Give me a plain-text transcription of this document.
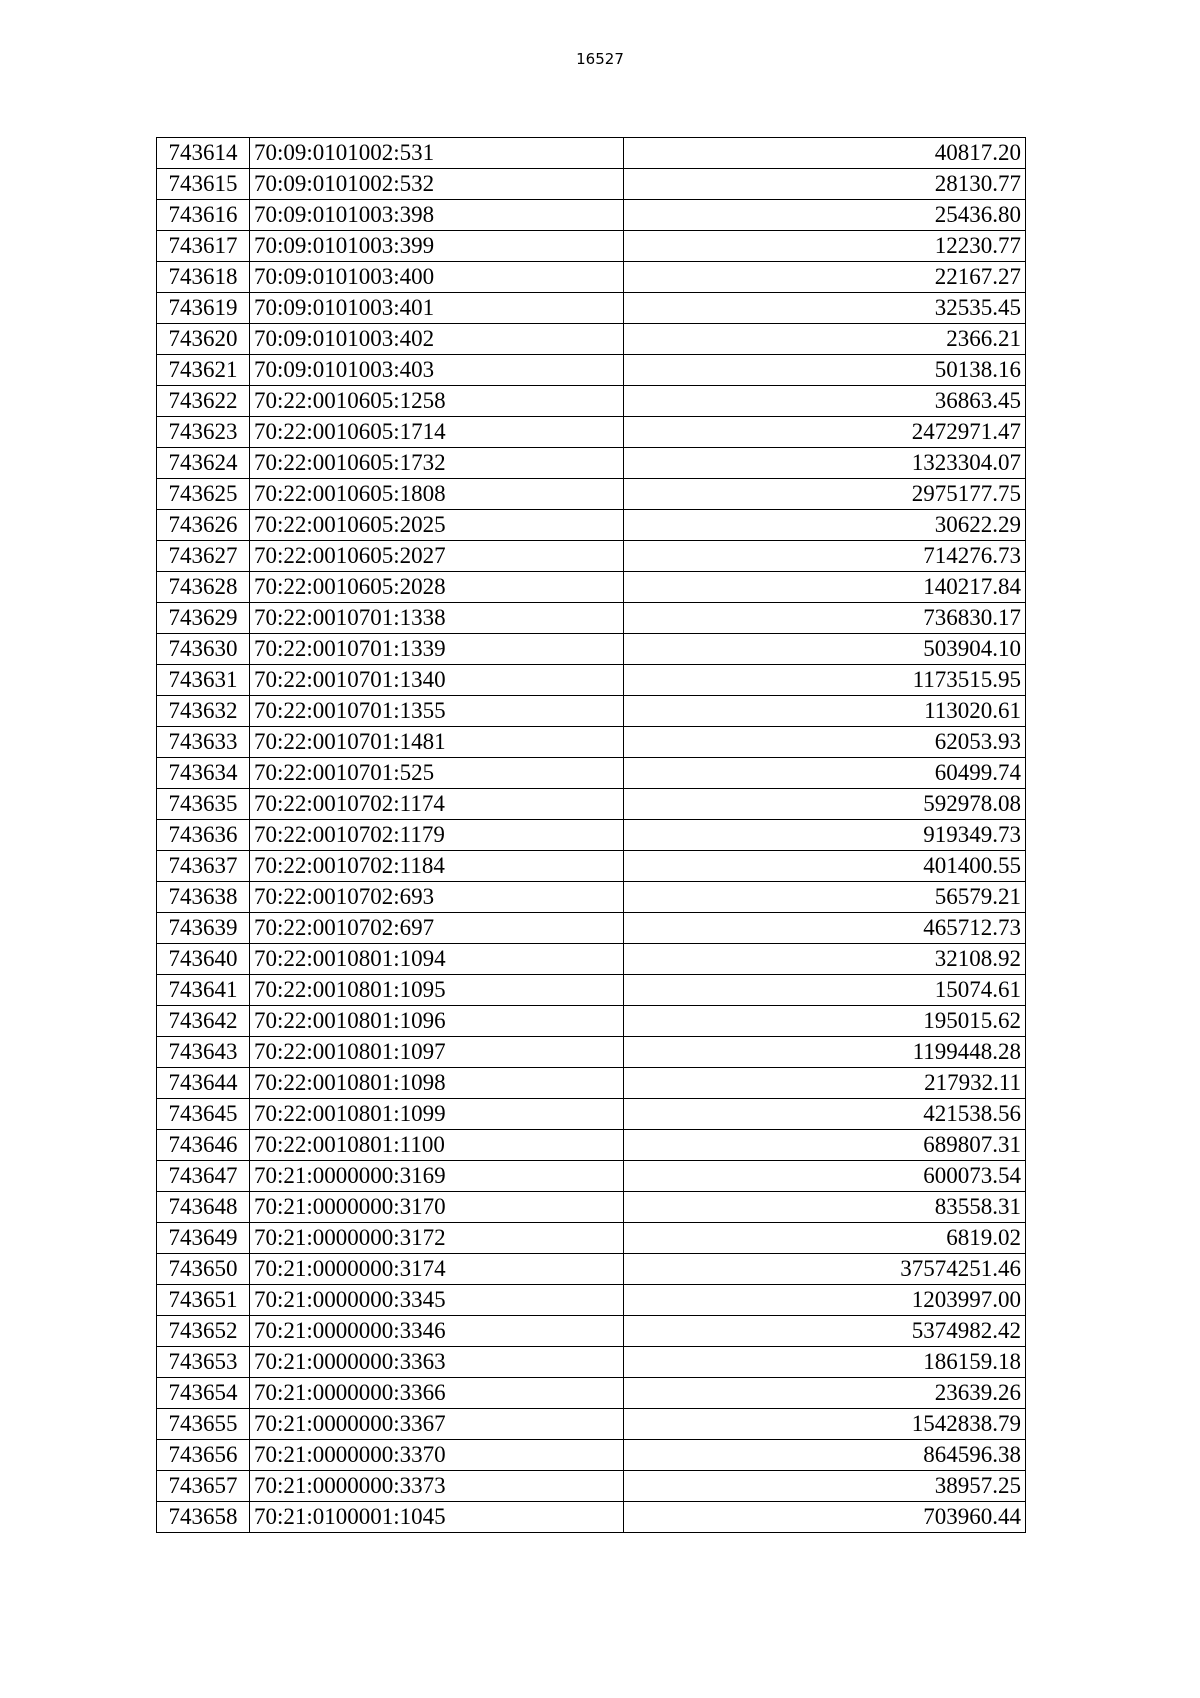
16527
743614	70:09:0101002:531	40817.20
743615	70:09:0101002:532	28130.77
743616	70:09:0101003:398	25436.80
743617	70:09:0101003:399	12230.77
743618	70:09:0101003:400	22167.27
743619	70:09:0101003:401	32535.45
743620	70:09:0101003:402	2366.21
743621	70:09:0101003:403	50138.16
743622	70:22:0010605:1258	36863.45
743623	70:22:0010605:1714	2472971.47
743624	70:22:0010605:1732	1323304.07
743625	70:22:0010605:1808	2975177.75
743626	70:22:0010605:2025	30622.29
743627	70:22:0010605:2027	714276.73
743628	70:22:0010605:2028	140217.84
743629	70:22:0010701:1338	736830.17
743630	70:22:0010701:1339	503904.10
743631	70:22:0010701:1340	1173515.95
743632	70:22:0010701:1355	113020.61
743633	70:22:0010701:1481	62053.93
743634	70:22:0010701:525	60499.74
743635	70:22:0010702:1174	592978.08
743636	70:22:0010702:1179	919349.73
743637	70:22:0010702:1184	401400.55
743638	70:22:0010702:693	56579.21
743639	70:22:0010702:697	465712.73
743640	70:22:0010801:1094	32108.92
743641	70:22:0010801:1095	15074.61
743642	70:22:0010801:1096	195015.62
743643	70:22:0010801:1097	1199448.28
743644	70:22:0010801:1098	217932.11
743645	70:22:0010801:1099	421538.56
743646	70:22:0010801:1100	689807.31
743647	70:21:0000000:3169	600073.54
743648	70:21:0000000:3170	83558.31
743649	70:21:0000000:3172	6819.02
743650	70:21:0000000:3174	37574251.46
743651	70:21:0000000:3345	1203997.00
743652	70:21:0000000:3346	5374982.42
743653	70:21:0000000:3363	186159.18
743654	70:21:0000000:3366	23639.26
743655	70:21:0000000:3367	1542838.79
743656	70:21:0000000:3370	864596.38
743657	70:21:0000000:3373	38957.25
743658	70:21:0100001:1045	703960.44
